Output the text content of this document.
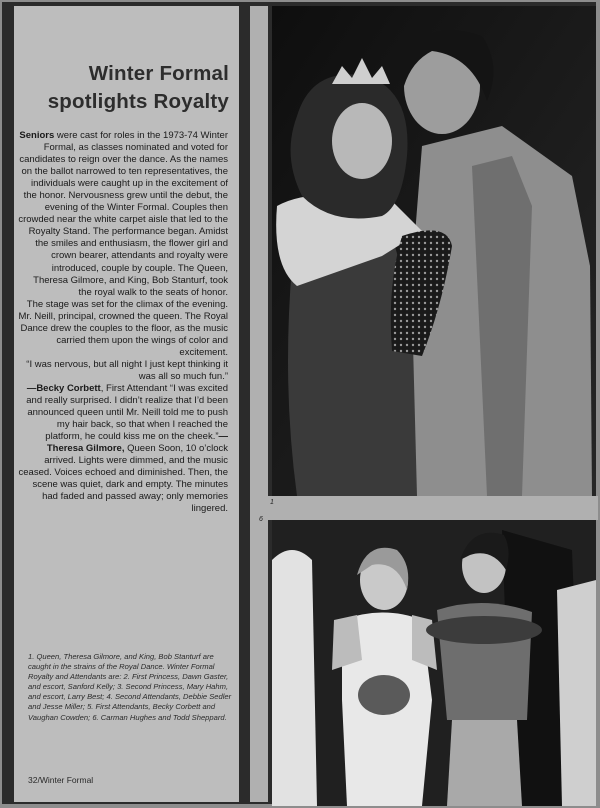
Winter Formal
spotlights Royalty

Seniors were cast for roles in the 1973-74 Winter Formal, as classes nominated and voted for candidates to reign over the dance. As the names on the ballot narrowed to ten representatives, the individuals were caught up in the excitement of the honor. Nervousness grew until the debut, the evening of the Winter Formal. Couples then crowded near the white carpet aisle that led to the Royalty Stand. The performance began. Amidst the smiles and enthusiasm, the flower girl and crown bearer, attendants and royalty were introduced, couple by couple. The Queen, Theresa Gilmore, and King, Bob Stanturf, took the royal walk to the seats of honor.

The stage was set for the climax of the evening. Mr. Neill, principal, crowned the queen. The Royal Dance drew the couples to the floor, as the music carried them upon the wings of color and excitement.

“I was nervous, but all night I just kept thinking it was all so much fun.”
—Becky Corbett, First Attendant “I was excited and really surprised. I didn’t realize that I’d been announced queen until Mr. Neill told me to push my hair back, so that when I reached the platform, he could kiss me on the cheek.”—Theresa Gilmore, Queen Soon, 10 o’clock arrived. Lights were dimmed, and the music ceased. Voices echoed and diminished. Then, the scene was quiet, dark and empty. The minutes had faded and passed away; only memories lingered.

1. Queen, Theresa Gilmore, and King, Bob Stanturf are caught in the strains of the Royal Dance. Winter Formal Royalty and Attendants are: 2. First Princess, Dawn Gaster, and escort, Sanford Kelly; 3. Second Princess, Mary Hahm, and escort, Larry Best; 4. Second Attendants, Debbie Sedler and Jesse Miller; 5. First Attendants, Becky Corbett and Vaughan Cowden; 6. Carman Hughes and Todd Sheppard.

32/Winter Formal
1
6
